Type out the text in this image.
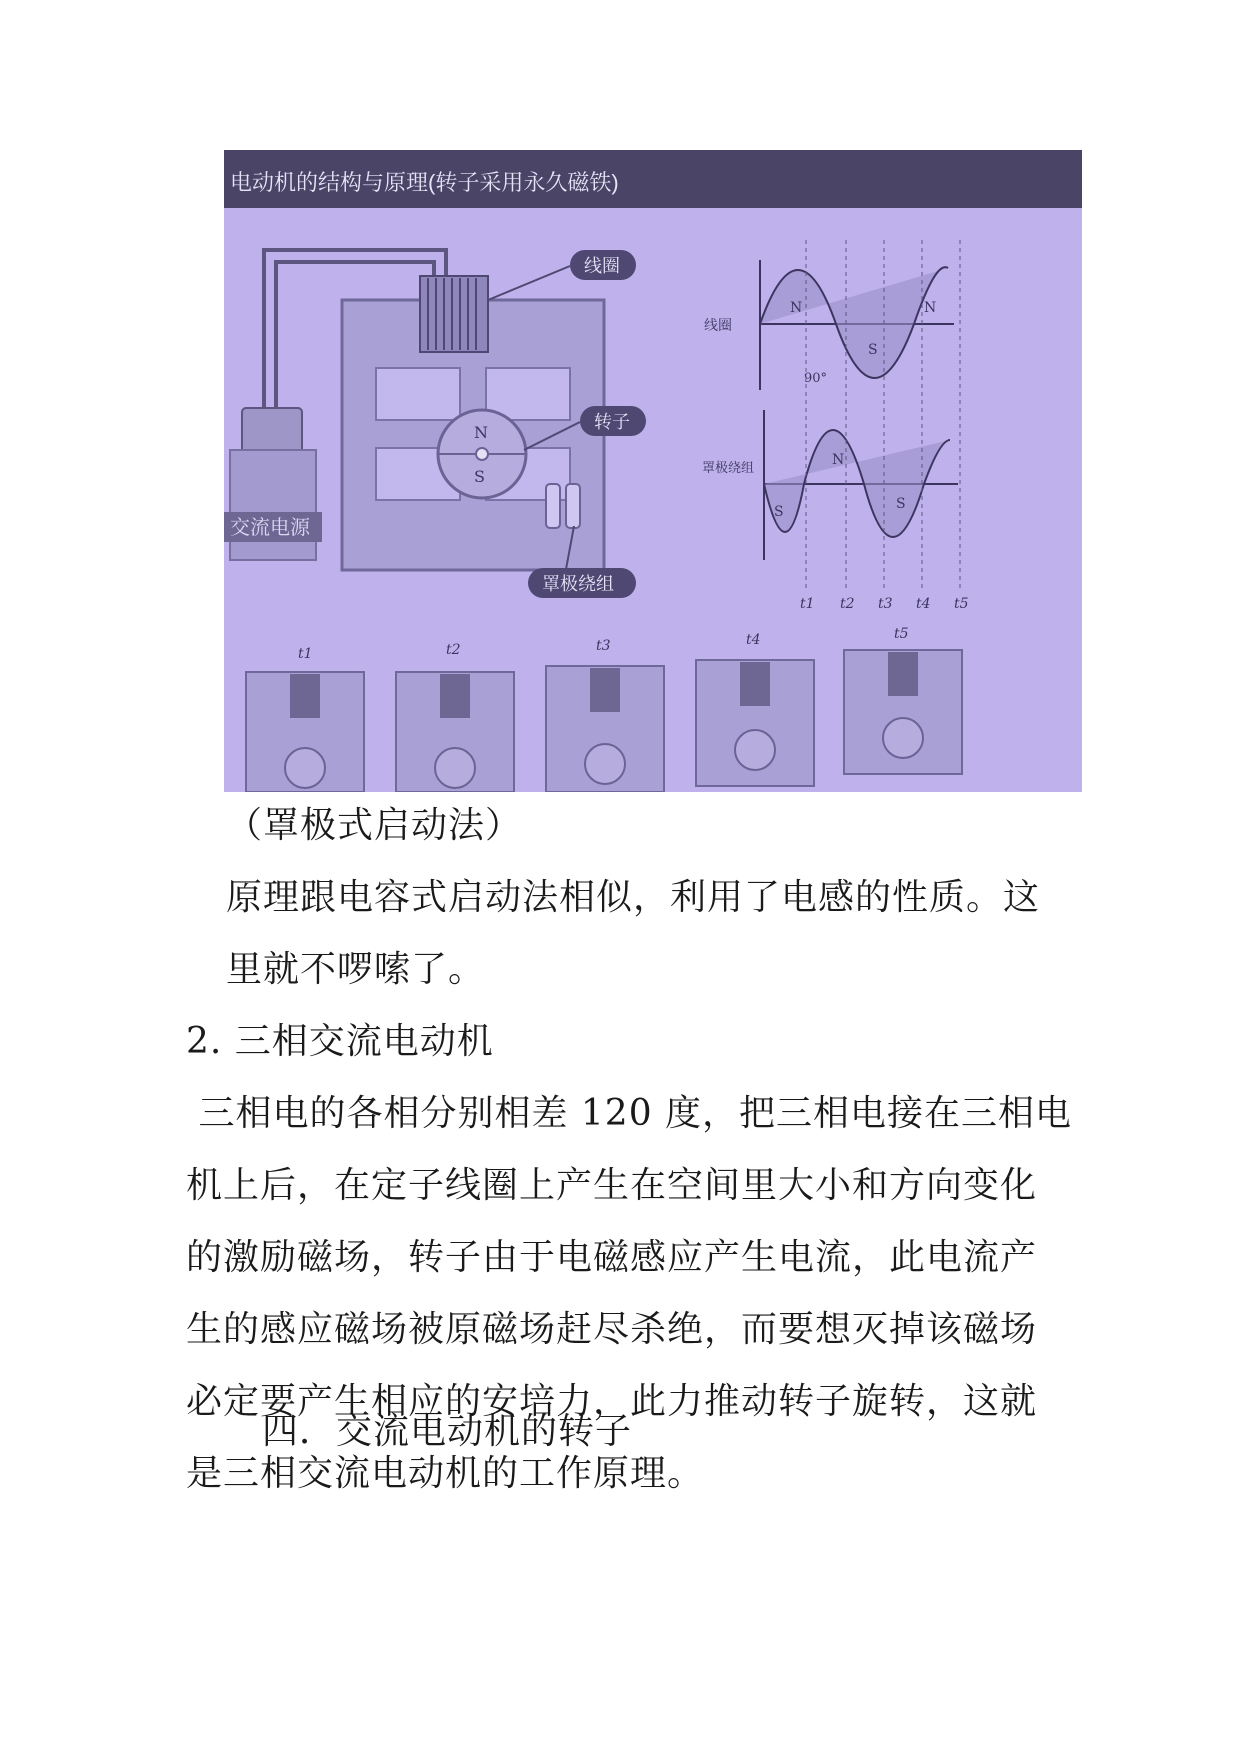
电动机的结构与原理(转子采用永久磁铁)
交流电源
N
S
线圈
转子
罩极绕组
线圈
N
S
N
90°
罩极绕组
S
N
S
t1 t2 t3 t4 t5
t1	t2	t3	t4	t5
（罩极式启动法）
原理跟电容式启动法相似，利用了电感的性质。这
里就不啰嗦了。
2. 三相交流电动机
三相电的各相分别相差 120 度，把三相电接在三相电
机上后，在定子线圈上产生在空间里大小和方向变化
的激励磁场，转子由于电磁感应产生电流，此电流产
生的感应磁场被原磁场赶尽杀绝，而要想灭掉该磁场
必定要产生相应的安培力，此力推动转子旋转，这就
是三相交流电动机的工作原理。
四．交流电动机的转子
